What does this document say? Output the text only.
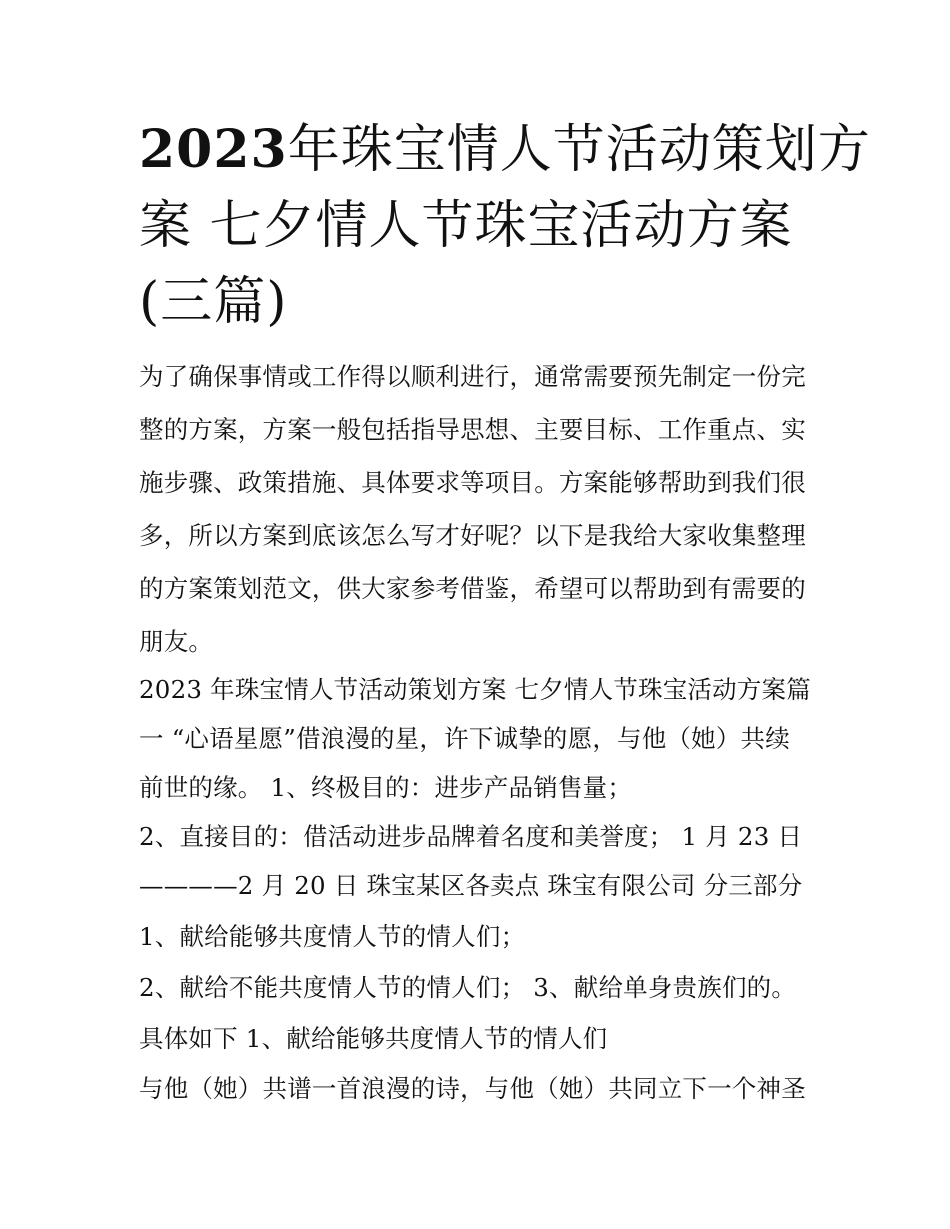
2023年珠宝情人节活动策划方
案 七夕情人节珠宝活动方案
(三篇)

为了确保事情或工作得以顺利进行，通常需要预先制定一份完

整的方案，方案一般包括指导思想、主要目标、工作重点、实

施步骤、政策措施、具体要求等项目。方案能够帮助到我们很

多，所以方案到底该怎么写才好呢？以下是我给大家收集整理

的方案策划范文，供大家参考借鉴，希望可以帮助到有需要的

朋友。

2023 年珠宝情人节活动策划方案 七夕情人节珠宝活动方案篇

一 “心语星愿”借浪漫的星，许下诚挚的愿，与他（她）共续

前世的缘。 1、终极目的：进步产品销售量；

2、直接目的：借活动进步品牌着名度和美誉度； 1 月 23 日

————2 月 20 日 珠宝某区各卖点 珠宝有限公司 分三部分

1、献给能够共度情人节的情人们；

2、献给不能共度情人节的情人们； 3、献给单身贵族们的。

具体如下 1、献给能够共度情人节的情人们

与他（她）共谱一首浪漫的诗，与他（她）共同立下一个神圣
